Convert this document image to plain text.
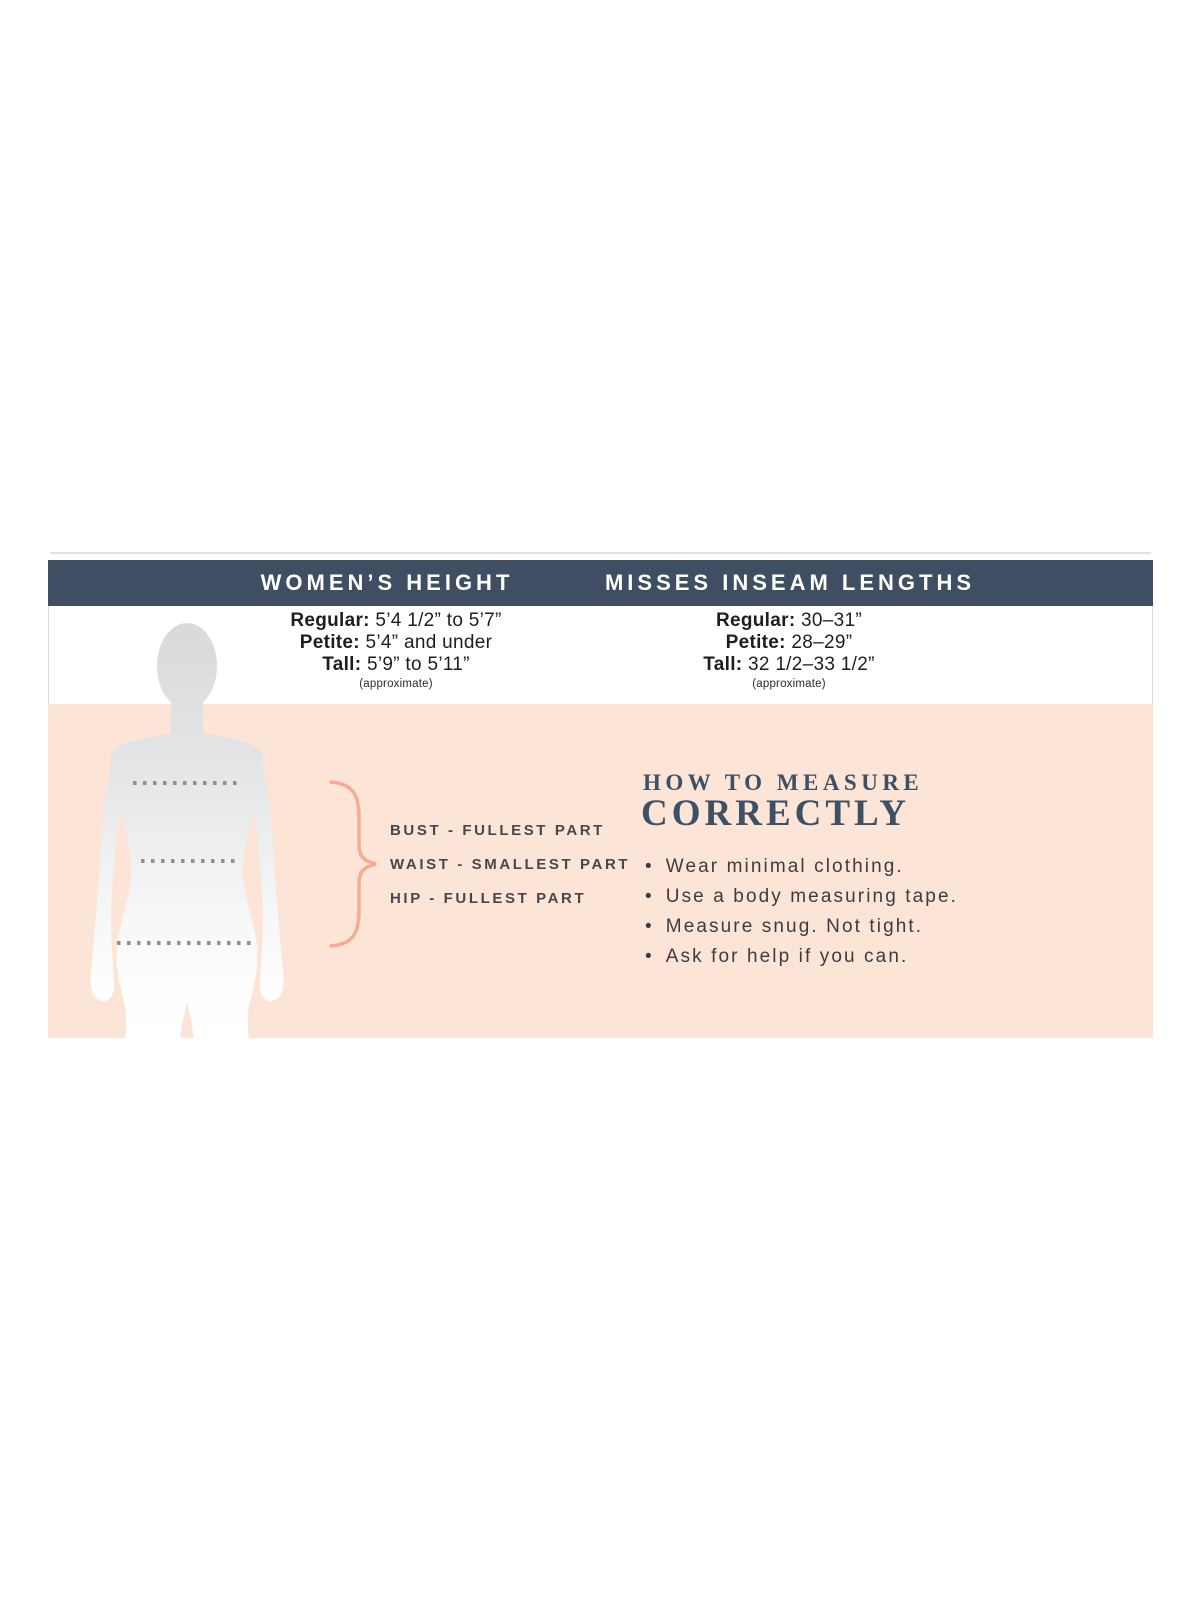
WOMEN’S HEIGHT	MISSES INSEAM LENGTHS
Regular: 5’4 1/2” to 5’7”
Petite: 5’4” and under
Tall: 5’9” to 5’11”
(approximate)
Regular: 30–31”
Petite: 28–29”
Tall: 32 1/2–33 1/2”
(approximate)
BUST - FULLEST PART
WAIST - SMALLEST PART
HIP - FULLEST PART
HOW TO MEASURE
CORRECTLY
• Wear minimal clothing.
• Use a body measuring tape.
• Measure snug. Not tight.
• Ask for help if you can.
